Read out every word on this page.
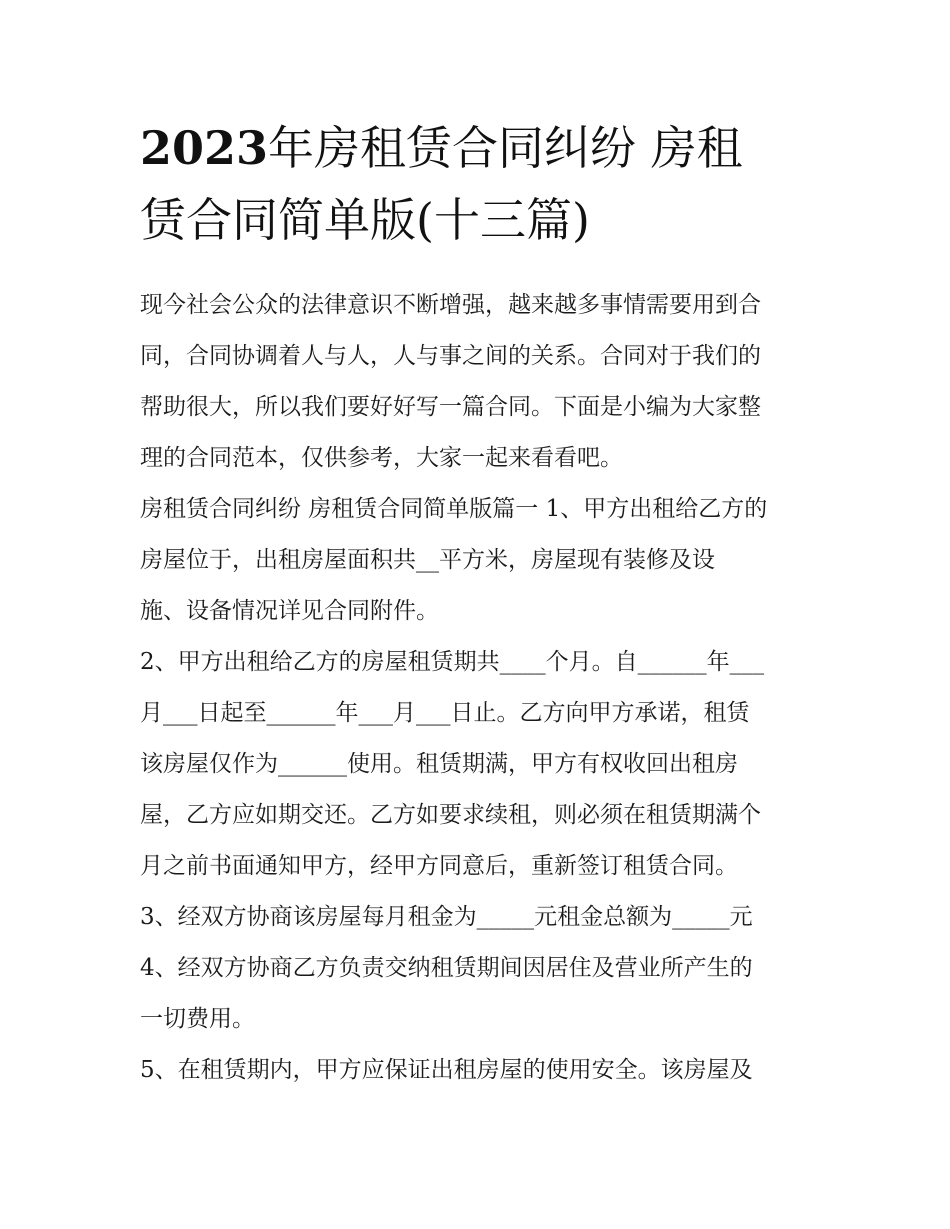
2023年房租赁合同纠纷 房租
赁合同简单版(十三篇)
现今社会公众的法律意识不断增强，越来越多事情需要用到合
同，合同协调着人与人，人与事之间的关系。合同对于我们的
帮助很大，所以我们要好好写一篇合同。下面是小编为大家整
理的合同范本，仅供参考，大家一起来看看吧。
房租赁合同纠纷 房租赁合同简单版篇一 1、甲方出租给乙方的
房屋位于，出租房屋面积共__平方米，房屋现有装修及设
施、设备情况详见合同附件。
2、甲方出租给乙方的房屋租赁期共____个月。自______年___
月___日起至______年___月___日止。乙方向甲方承诺，租赁
该房屋仅作为______使用。租赁期满，甲方有权收回出租房
屋，乙方应如期交还。乙方如要求续租，则必须在租赁期满个
月之前书面通知甲方，经甲方同意后，重新签订租赁合同。
3、经双方协商该房屋每月租金为_____元租金总额为_____元
4、经双方协商乙方负责交纳租赁期间因居住及营业所产生的
一切费用。
5、在租赁期内，甲方应保证出租房屋的使用安全。该房屋及
